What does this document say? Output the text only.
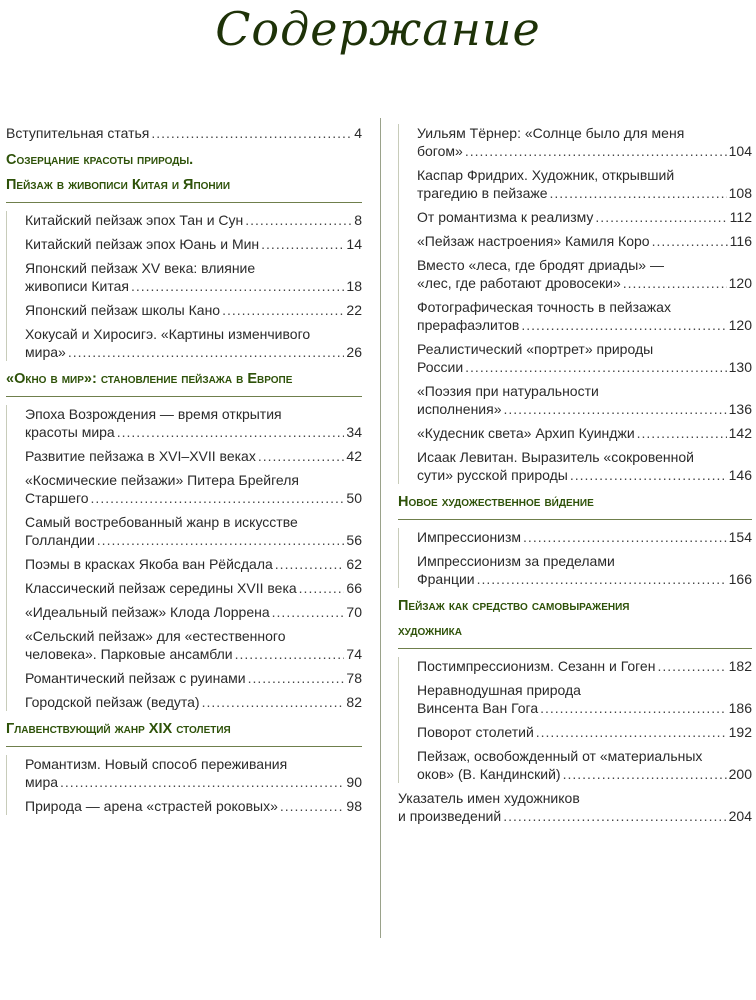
Содержание
Вступительная статья .....	4
Созерцание красоты природы.
Пейзаж в живописи Китая и Японии
Китайский пейзаж эпох Тан и Сун .....	8
Китайский пейзаж эпох Юань и Мин .....	14
Японский пейзаж XV века: влияние
живописи Китая .....	18
Японский пейзаж школы Кано .....	22
Хокусай и Хиросигэ. «Картины изменчивого
мира» .....	26
«Окно в мир»: становление пейзажа в Европе
Эпоха Возрождения — время открытия
красоты мира .....	34
Развитие пейзажа в XVI–XVII веках .....	42
«Космические пейзажи» Питера Брейгеля
Старшего .....	50
Самый востребованный жанр в искусстве
Голландии .....	56
Поэмы в красках Якоба ван Рёйсдала .....	62
Классический пейзаж середины XVII века .....	66
«Идеальный пейзаж» Клода Лоррена .....	70
«Сельский пейзаж» для «естественного
человека». Парковые ансамбли .....	74
Романтический пейзаж с руинами .....	78
Городской пейзаж (ведута) .....	82
Главенствующий жанр XIX столетия
Романтизм. Новый способ переживания
мира .....	90
Природа — арена «страстей роковых» .....	98
Уильям Тёрнер: «Солнце было для меня
богом» .....	104
Каспар Фридрих. Художник, открывший
трагедию в пейзаже .....	108
От романтизма к реализму .....	112
«Пейзаж настроения» Камиля Коро .....	116
Вместо «леса, где бродят дриады» —
«лес, где работают дровосеки» .....	120
Фотографическая точность в пейзажах
прерафаэлитов .....	120
Реалистический «портрет» природы
России .....	130
«Поэзия при натуральности
исполнения» .....	136
«Кудесник света» Архип Куинджи .....	142
Исаак Левитан. Выразитель «сокровенной
сути» русской природы .....	146
Новое художественное ви́дение
Импрессионизм .....	154
Импрессионизм за пределами
Франции .....	166
Пейзаж как средство самовыражения
художника
Постимпрессионизм. Сезанн и Гоген .....	182
Неравнодушная природа
Винсента Ван Гога .....	186
Поворот столетий .....	192
Пейзаж, освобожденный от «материальных
оков» (В. Кандинский) .....	200
Указатель имен художников
и произведений .....	204
